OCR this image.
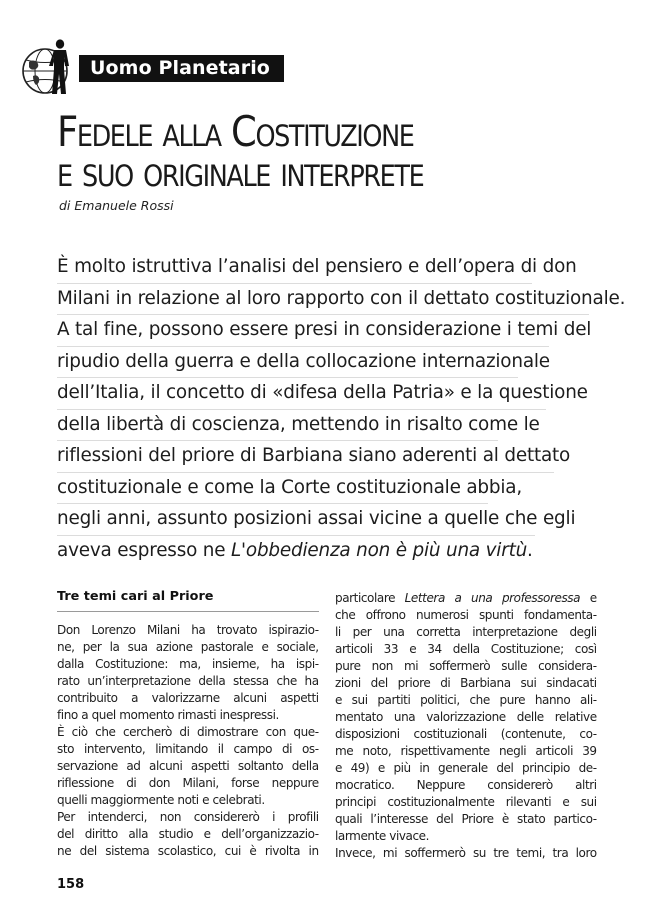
Uomo Planetario
Fedele alla Costituzione
e suo originale interprete
di Emanuele Rossi
È molto istruttiva l’analisi del pensiero e dell’opera di don
Milani in relazione al loro rapporto con il dettato costituzionale.
A tal fine, possono essere presi in considerazione i temi del
ripudio della guerra e della collocazione internazionale
dell’Italia, il concetto di «difesa della Patria» e la questione
della libertà di coscienza, mettendo in risalto come le
riflessioni del priore di Barbiana siano aderenti al dettato
costituzionale e come la Corte costituzionale abbia,
negli anni, assunto posizioni assai vicine a quelle che egli
aveva espresso ne L'obbedienza non è più una virtù.
Tre temi cari al Priore
Don Lorenzo Milani ha trovato ispirazio-
ne, per la sua azione pastorale e sociale,
dalla Costituzione: ma, insieme, ha ispi-
rato un’interpretazione della stessa che ha
contribuito a valorizzarne alcuni aspetti
fino a quel momento rimasti inespressi.
È ciò che cercherò di dimostrare con que-
sto intervento, limitando il campo di os-
servazione ad alcuni aspetti soltanto della
riflessione di don Milani, forse neppure
quelli maggiormente noti e celebrati.
Per intenderci, non considererò i profili
del diritto alla studio e dell’organizzazio-
ne del sistema scolastico, cui è rivolta in
particolare Lettera a una professoressa e
che offrono numerosi spunti fondamenta-
li per una corretta interpretazione degli
articoli 33 e 34 della Costituzione; così
pure non mi soffermerò sulle considera-
zioni del priore di Barbiana sui sindacati
e sui partiti politici, che pure hanno ali-
mentato una valorizzazione delle relative
disposizioni costituzionali (contenute, co-
me noto, rispettivamente negli articoli 39
e 49) e più in generale del principio de-
mocratico. Neppure considererò altri
principi costituzionalmente rilevanti e sui
quali l’interesse del Priore è stato partico-
larmente vivace.
Invece, mi soffermerò su tre temi, tra loro
158
